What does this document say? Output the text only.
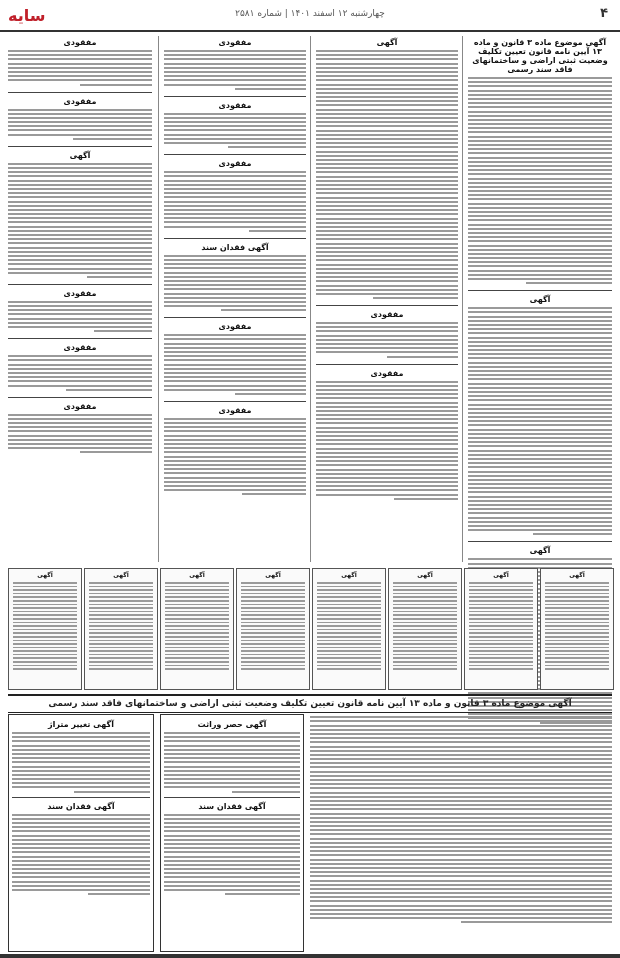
سایه	چهارشنبه ۱۲ اسفند ۱۴۰۱ | شماره ۲۵۸۱	۴
آگهی موضوع ماده ۳ قانون و ماده ۱۳ آیین نامه قانون تعیین تکلیف وضعیت ثبتی اراضی و ساختمانهای فاقد سند رسمی
آگهی
آگهی
آگهی
مفقودی
مفقودی
مفقودی
مفقودی
مفقودی
آگهی فقدان سند
مفقودی
مفقودی
مفقودی
مفقودی
آگهی
مفقودی
مفقودی
مفقودی
آگهی	آگهی	آگهی	آگهی	آگهی	آگهی	آگهی	آگهی
آگهی موضوع ماده ۳ قانون و ماده ۱۳ آیین نامه قانون تعیین تکلیف وضعیت ثبتی اراضی و ساختمانهای فاقد سند رسمی
آگهی حصر وراثت
آگهی فقدان سند
آگهی تغییر متراژ
آگهی فقدان سند
